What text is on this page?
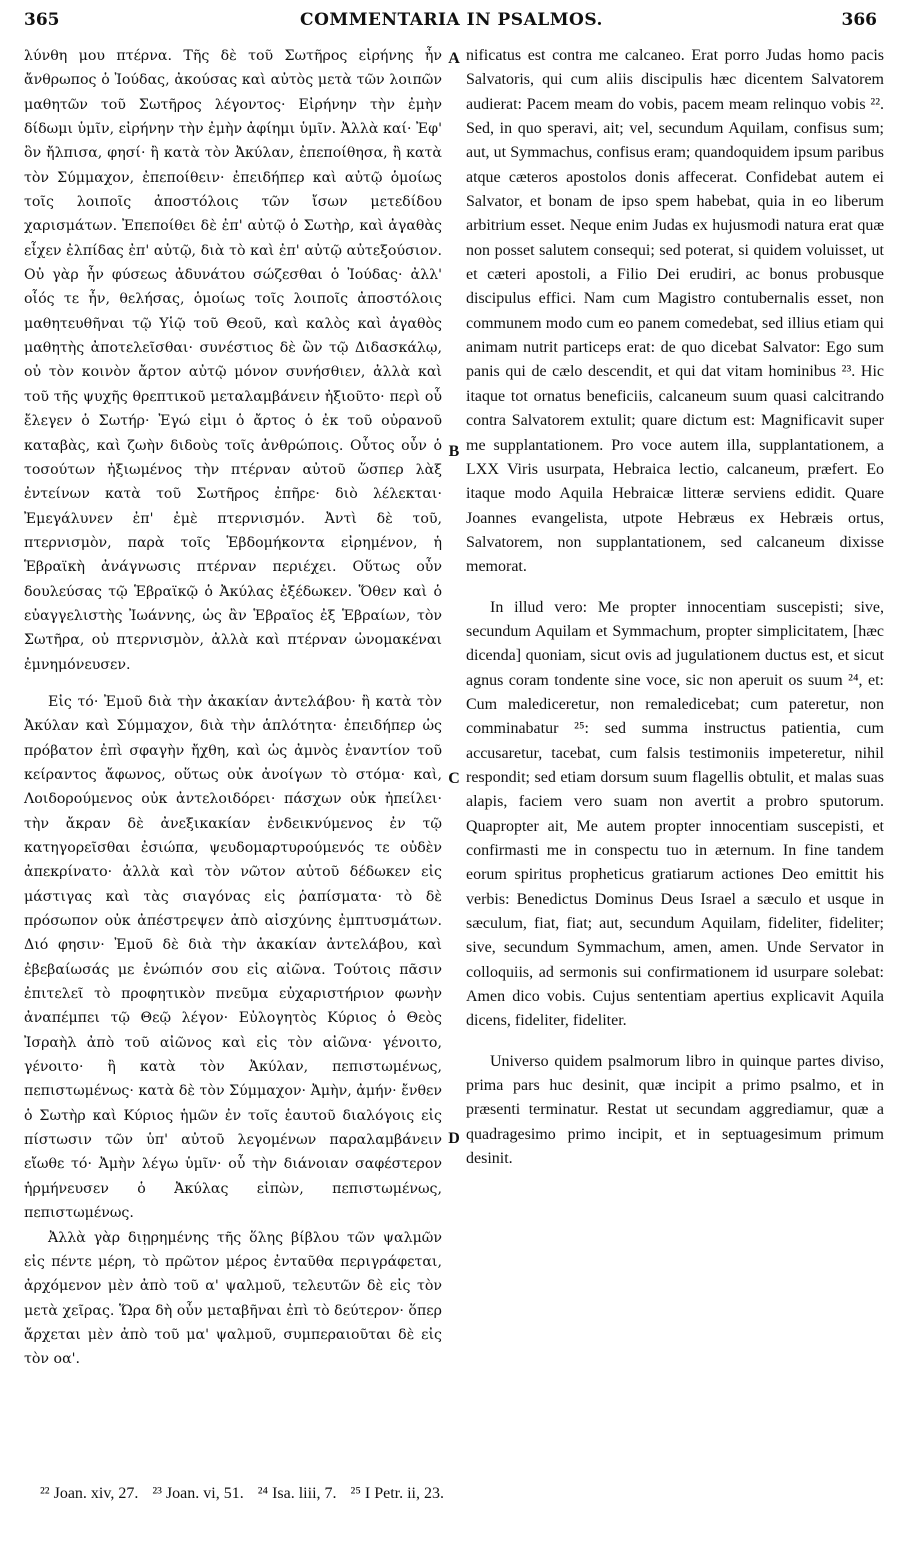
365	COMMENTARIA IN PSALMOS.	366

λύνθη μου πτέρνα. Τῆς δὲ τοῦ Σωτῆρος εἰρήνης ἦν ἄνθρωπος ὁ Ἰούδας, ἀκούσας καὶ αὐτὸς μετὰ τῶν λοιπῶν μαθητῶν τοῦ Σωτῆρος λέγοντος· Εἰρήνην τὴν ἐμὴν δίδωμι ὑμῖν, εἰρήνην τὴν ἐμὴν ἀφίημι ὑμῖν. Ἀλλὰ καί· Ἐφ' ὃν ἤλπισα, φησί· ἢ κατὰ τὸν Ἀκύλαν, ἐπεποίθησα, ἢ κατὰ τὸν Σύμμαχον, ἐπεποίθειν· ἐπειδήπερ καὶ αὐτῷ ὁμοίως τοῖς λοιποῖς ἀποστόλοις τῶν ἴσων μετεδίδου χαρισμάτων. Ἐπεποίθει δὲ ἐπ' αὐτῷ ὁ Σωτὴρ, καὶ ἀγαθὰς εἶχεν ἐλπίδας ἐπ' αὐτῷ, διὰ τὸ καὶ ἐπ' αὐτῷ αὐτεξούσιον. Οὐ γὰρ ἦν φύσεως ἀδυνάτου σώζεσθαι ὁ Ἰούδας· ἀλλ' οἷός τε ἦν, θελήσας, ὁμοίως τοῖς λοιποῖς ἀποστόλοις μαθητευθῆναι τῷ Υἱῷ τοῦ Θεοῦ, καὶ καλὸς καὶ ἀγαθὸς μαθητὴς ἀποτελεῖσθαι· συνέστιος δὲ ὢν τῷ Διδασκάλῳ, οὐ τὸν κοινὸν ἄρτον αὐτῷ μόνον συνήσθιεν, ἀλλὰ καὶ τοῦ τῆς ψυχῆς θρεπτικοῦ μεταλαμβάνειν ἠξιοῦτο· περὶ οὗ ἔλεγεν ὁ Σωτήρ· Ἐγώ εἰμι ὁ ἄρτος ὁ ἐκ τοῦ οὐρανοῦ καταβὰς, καὶ ζωὴν διδοὺς τοῖς ἀνθρώποις. Οὗτος οὖν ὁ τοσούτων ἠξιωμένος τὴν πτέρναν αὐτοῦ ὥσπερ λὰξ ἐντείνων κατὰ τοῦ Σωτῆρος ἐπῆρε· διὸ λέλεκται· Ἐμεγάλυνεν ἐπ' ἐμὲ πτερνισμόν. Ἀντὶ δὲ τοῦ, πτερνισμὸν, παρὰ τοῖς Ἑβδομήκοντα εἰρημένον, ἡ Ἑβραϊκὴ ἀνάγνωσις πτέρναν περιέχει. Οὕτως οὖν δουλεύσας τῷ Ἑβραϊκῷ ὁ Ἀκύλας ἐξέδωκεν. Ὅθεν καὶ ὁ εὐαγγελιστὴς Ἰωάννης, ὡς ἂν Ἑβραῖος ἐξ Ἑβραίων, τὸν Σωτῆρα, οὐ πτερνισμὸν, ἀλλὰ καὶ πτέρναν ὠνομακέναι ἐμνημόνευσεν.

Εἰς τό· Ἐμοῦ διὰ τὴν ἀκακίαν ἀντελάβου· ἢ κατὰ τὸν Ἀκύλαν καὶ Σύμμαχον, διὰ τὴν ἁπλότητα· ἐπειδήπερ ὡς πρόβατον ἐπὶ σφαγὴν ἤχθη, καὶ ὡς ἀμνὸς ἐναντίον τοῦ κείραντος ἄφωνος, οὕτως οὐκ ἀνοίγων τὸ στόμα· καὶ, Λοιδορούμενος οὐκ ἀντελοιδόρει· πάσχων οὐκ ἠπείλει· τὴν ἄκραν δὲ ἀνεξικακίαν ἐνδεικνύμενος ἐν τῷ κατηγορεῖσθαι ἐσιώπα, ψευδομαρτυρούμενός τε οὐδὲν ἀπεκρίνατο· ἀλλὰ καὶ τὸν νῶτον αὐτοῦ δέδωκεν εἰς μάστιγας καὶ τὰς σιαγόνας εἰς ῥαπίσματα· τὸ δὲ πρόσωπον οὐκ ἀπέστρεψεν ἀπὸ αἰσχύνης ἐμπτυσμάτων. Διό φησιν· Ἐμοῦ δὲ διὰ τὴν ἀκακίαν ἀντελάβου, καὶ ἐβεβαίωσάς με ἐνώπιόν σου εἰς αἰῶνα. Τούτοις πᾶσιν ἐπιτελεῖ τὸ προφητικὸν πνεῦμα εὐχαριστήριον φωνὴν ἀναπέμπει τῷ Θεῷ λέγον· Εὐλογητὸς Κύριος ὁ Θεὸς Ἰσραὴλ ἀπὸ τοῦ αἰῶνος καὶ εἰς τὸν αἰῶνα· γένοιτο, γένοιτο· ἢ κατὰ τὸν Ἀκύλαν, πεπιστωμένως, πεπιστωμένως· κατὰ δὲ τὸν Σύμμαχον· Ἀμὴν, ἀμήν· ἔνθεν ὁ Σωτὴρ καὶ Κύριος ἡμῶν ἐν τοῖς ἑαυτοῦ διαλόγοις εἰς πίστωσιν τῶν ὑπ' αὐτοῦ λεγομένων παραλαμβάνειν εἴωθε τό· Ἀμὴν λέγω ὑμῖν· οὗ τὴν διάνοιαν σαφέστερον ἡρμήνευσεν ὁ Ἀκύλας εἰπὼν, πεπιστωμένως, πεπιστωμένως.

Ἀλλὰ γὰρ διῃρημένης τῆς ὅλης βίβλου τῶν ψαλμῶν εἰς πέντε μέρη, τὸ πρῶτον μέρος ἐνταῦθα περιγράφεται, ἀρχόμενον μὲν ἀπὸ τοῦ α' ψαλμοῦ, τελευτῶν δὲ εἰς τὸν μετὰ χεῖρας. Ὥρα δὴ οὖν μεταβῆναι ἐπὶ τὸ δεύτερον· ὅπερ ἄρχεται μὲν ἀπὸ τοῦ μα' ψαλμοῦ, συμπεραιοῦται δὲ εἰς τὸν οα'.

A
B
C
D

nificatus est contra me calcaneo. Erat porro Judas homo pacis Salvatoris, qui cum aliis discipulis hæc dicentem Salvatorem audierat: Pacem meam do vobis, pacem meam relinquo vobis ²². Sed, in quo speravi, ait; vel, secundum Aquilam, confisus sum; aut, ut Symmachus, confisus eram; quandoquidem ipsum paribus atque cæteros apostolos donis affecerat. Confidebat autem ei Salvator, et bonam de ipso spem habebat, quia in eo liberum arbitrium esset. Neque enim Judas ex hujusmodi natura erat quæ non posset salutem consequi; sed poterat, si quidem voluisset, ut et cæteri apostoli, a Filio Dei erudiri, ac bonus probusque discipulus effici. Nam cum Magistro contubernalis esset, non communem modo cum eo panem comedebat, sed illius etiam qui animam nutrit particeps erat: de quo dicebat Salvator: Ego sum panis qui de cælo descendit, et qui dat vitam hominibus ²³. Hic itaque tot ornatus beneficiis, calcaneum suum quasi calcitrando contra Salvatorem extulit; quare dictum est: Magnificavit super me supplantationem. Pro voce autem illa, supplantationem, a LXX Viris usurpata, Hebraica lectio, calcaneum, præfert. Eo itaque modo Aquila Hebraicæ litteræ serviens edidit. Quare Joannes evangelista, utpote Hebræus ex Hebræis ortus, Salvatorem, non supplantationem, sed calcaneum dixisse memorat.

In illud vero: Me propter innocentiam suscepisti; sive, secundum Aquilam et Symmachum, propter simplicitatem, [hæc dicenda] quoniam, sicut ovis ad jugulationem ductus est, et sicut agnus coram tondente sine voce, sic non aperuit os suum ²⁴, et: Cum malediceretur, non remaledicebat; cum pateretur, non comminabatur ²⁵: sed summa instructus patientia, cum accusaretur, tacebat, cum falsis testimoniis impeteretur, nihil respondit; sed etiam dorsum suum flagellis obtulit, et malas suas alapis, faciem vero suam non avertit a probro sputorum. Quapropter ait, Me autem propter innocentiam suscepisti, et confirmasti me in conspectu tuo in æternum. In fine tandem eorum spiritus propheticus gratiarum actiones Deo emittit his verbis: Benedictus Dominus Deus Israel a sæculo et usque in sæculum, fiat, fiat; aut, secundum Aquilam, fideliter, fideliter; sive, secundum Symmachum, amen, amen. Unde Servator in colloquiis, ad sermonis sui confirmationem id usurpare solebat: Amen dico vobis. Cujus sententiam apertius explicavit Aquila dicens, fideliter, fideliter.

Universo quidem psalmorum libro in quinque partes diviso, prima pars huc desinit, quæ incipit a primo psalmo, et in præsenti terminatur. Restat ut secundam aggrediamur, quæ a quadragesimo primo incipit, et in septuagesimum primum desinit.

²² Joan. xiv, 27. ²³ Joan. vi, 51. ²⁴ Isa. liii, 7. ²⁵ I Petr. ii, 23.
